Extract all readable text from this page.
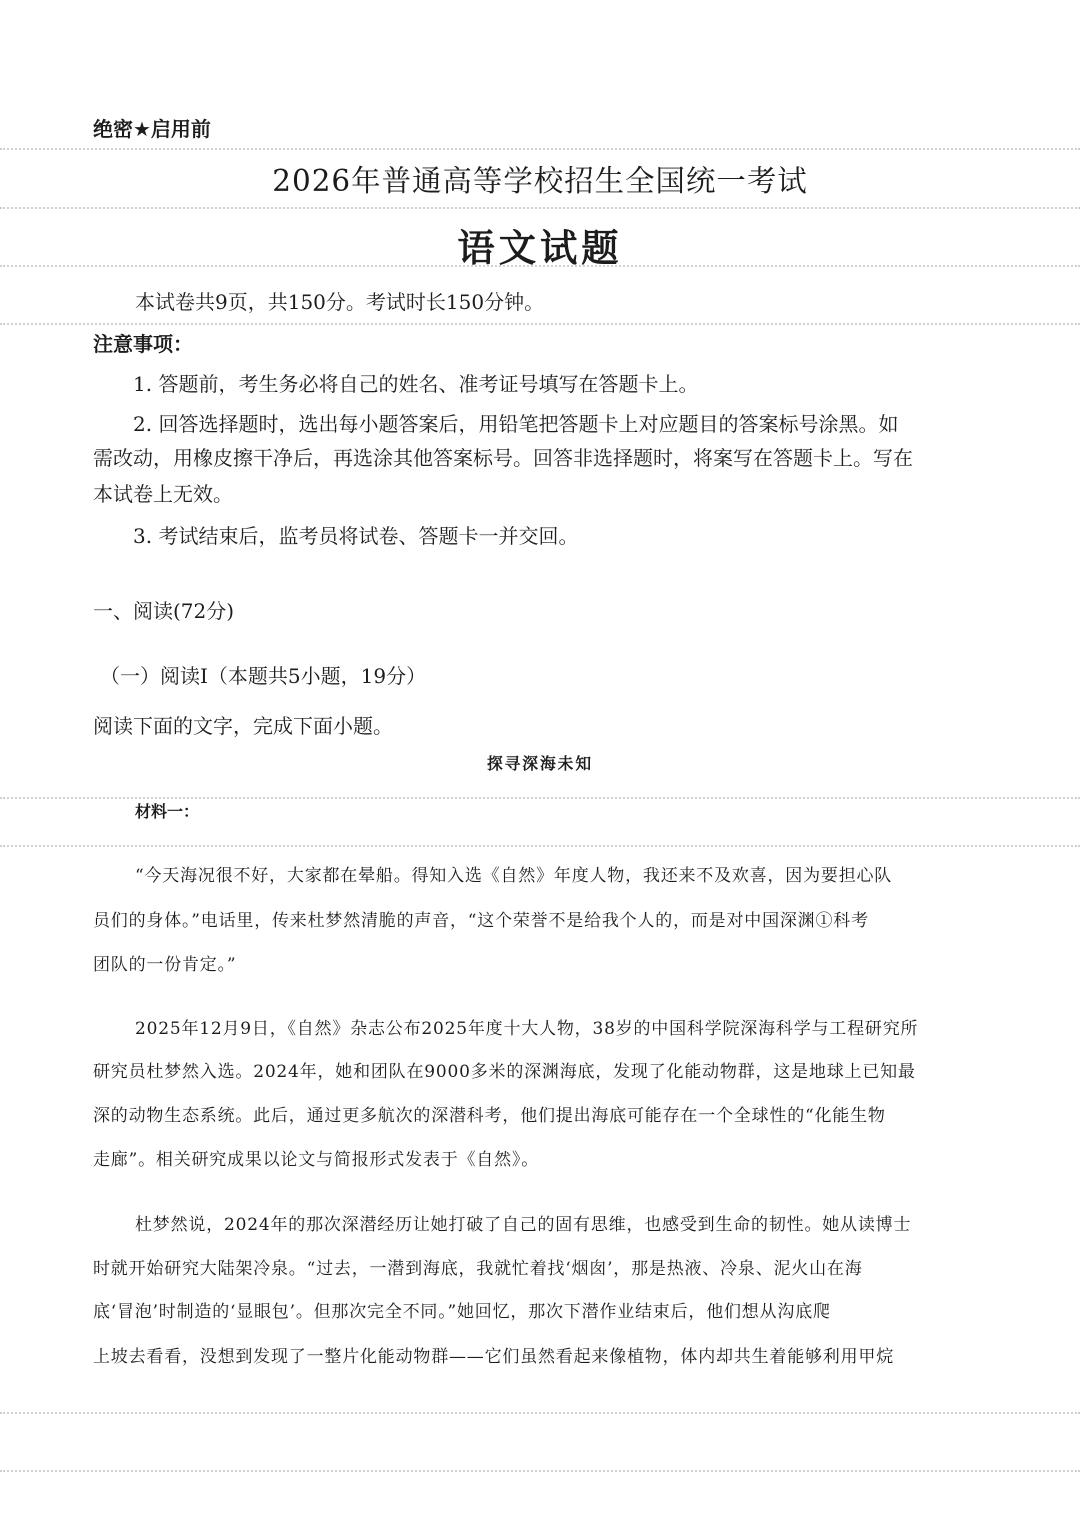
绝密★启用前
2026年普通高等学校招生全国统一考试
语文试题
本试卷共9页，共150分。考试时长150分钟。
注意事项：
1. 答题前，考生务必将自己的姓名、准考证号填写在答题卡上。
2. 回答选择题时，选出每小题答案后，用铅笔把答题卡上对应题目的答案标号涂黑。如
需改动，用橡皮擦干净后，再选涂其他答案标号。回答非选择题时，将案写在答题卡上。写在
本试卷上无效。
3. 考试结束后，监考员将试卷、答题卡一并交回。
一、阅读(72分)
（一）阅读I（本题共5小题，19分）
阅读下面的文字，完成下面小题。
探寻深海未知
材料一：
“今天海况很不好，大家都在晕船。得知入选《自然》年度人物，我还来不及欢喜，因为要担心队
员们的身体。”电话里，传来杜梦然清脆的声音，“这个荣誉不是给我个人的，而是对中国深渊①科考
团队的一份肯定。”
2025年12月9日，《自然》杂志公布2025年度十大人物，38岁的中国科学院深海科学与工程研究所
研究员杜梦然入选。2024年，她和团队在9000多米的深渊海底，发现了化能动物群，这是地球上已知最
深的动物生态系统。此后，通过更多航次的深潜科考，他们提出海底可能存在一个全球性的“化能生物
走廊”。相关研究成果以论文与简报形式发表于《自然》。
杜梦然说，2024年的那次深潜经历让她打破了自己的固有思维，也感受到生命的韧性。她从读博士
时就开始研究大陆架冷泉。“过去，一潜到海底，我就忙着找‘烟囱’，那是热液、冷泉、泥火山在海
底‘冒泡’时制造的‘显眼包’。但那次完全不同。”她回忆，那次下潜作业结束后，他们想从沟底爬
上坡去看看，没想到发现了一整片化能动物群——它们虽然看起来像植物，体内却共生着能够利用甲烷
